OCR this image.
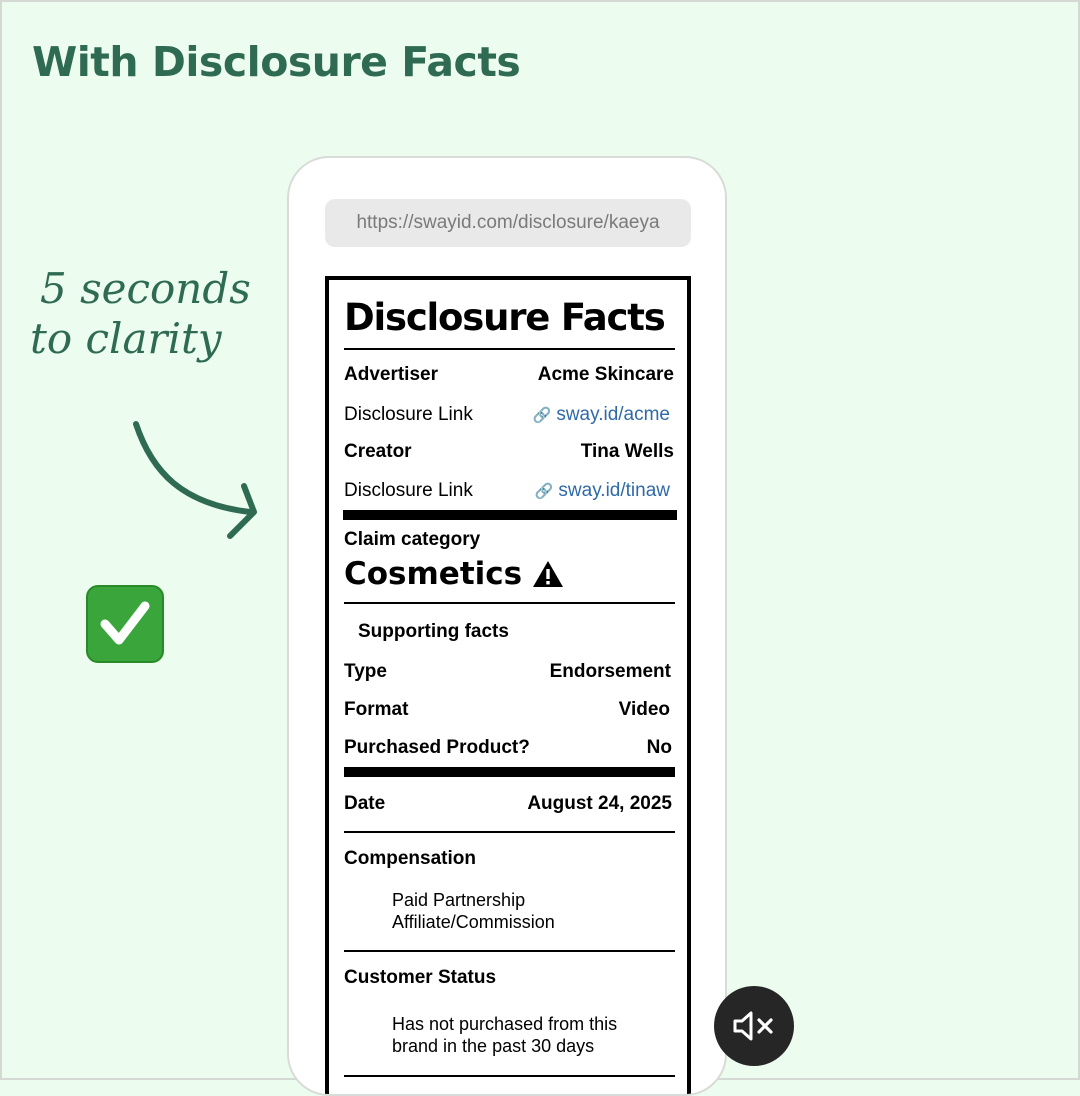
With Disclosure Facts
5 seconds
to clarity
https://swayid.com/disclosure/kaeya
Disclosure Facts
Advertiser	Acme Skincare
Disclosure Link	🔗 sway.id/acme
Creator	Tina Wells
Disclosure Link	🔗 sway.id/tinaw
Claim category
Cosmetics
Supporting facts
Type	Endorsement
Format	Video
Purchased Product?	No
Date	August 24, 2025
Compensation
Paid Partnership
Affiliate/Commission
Customer Status
Has not purchased from this
brand in the past 30 days
